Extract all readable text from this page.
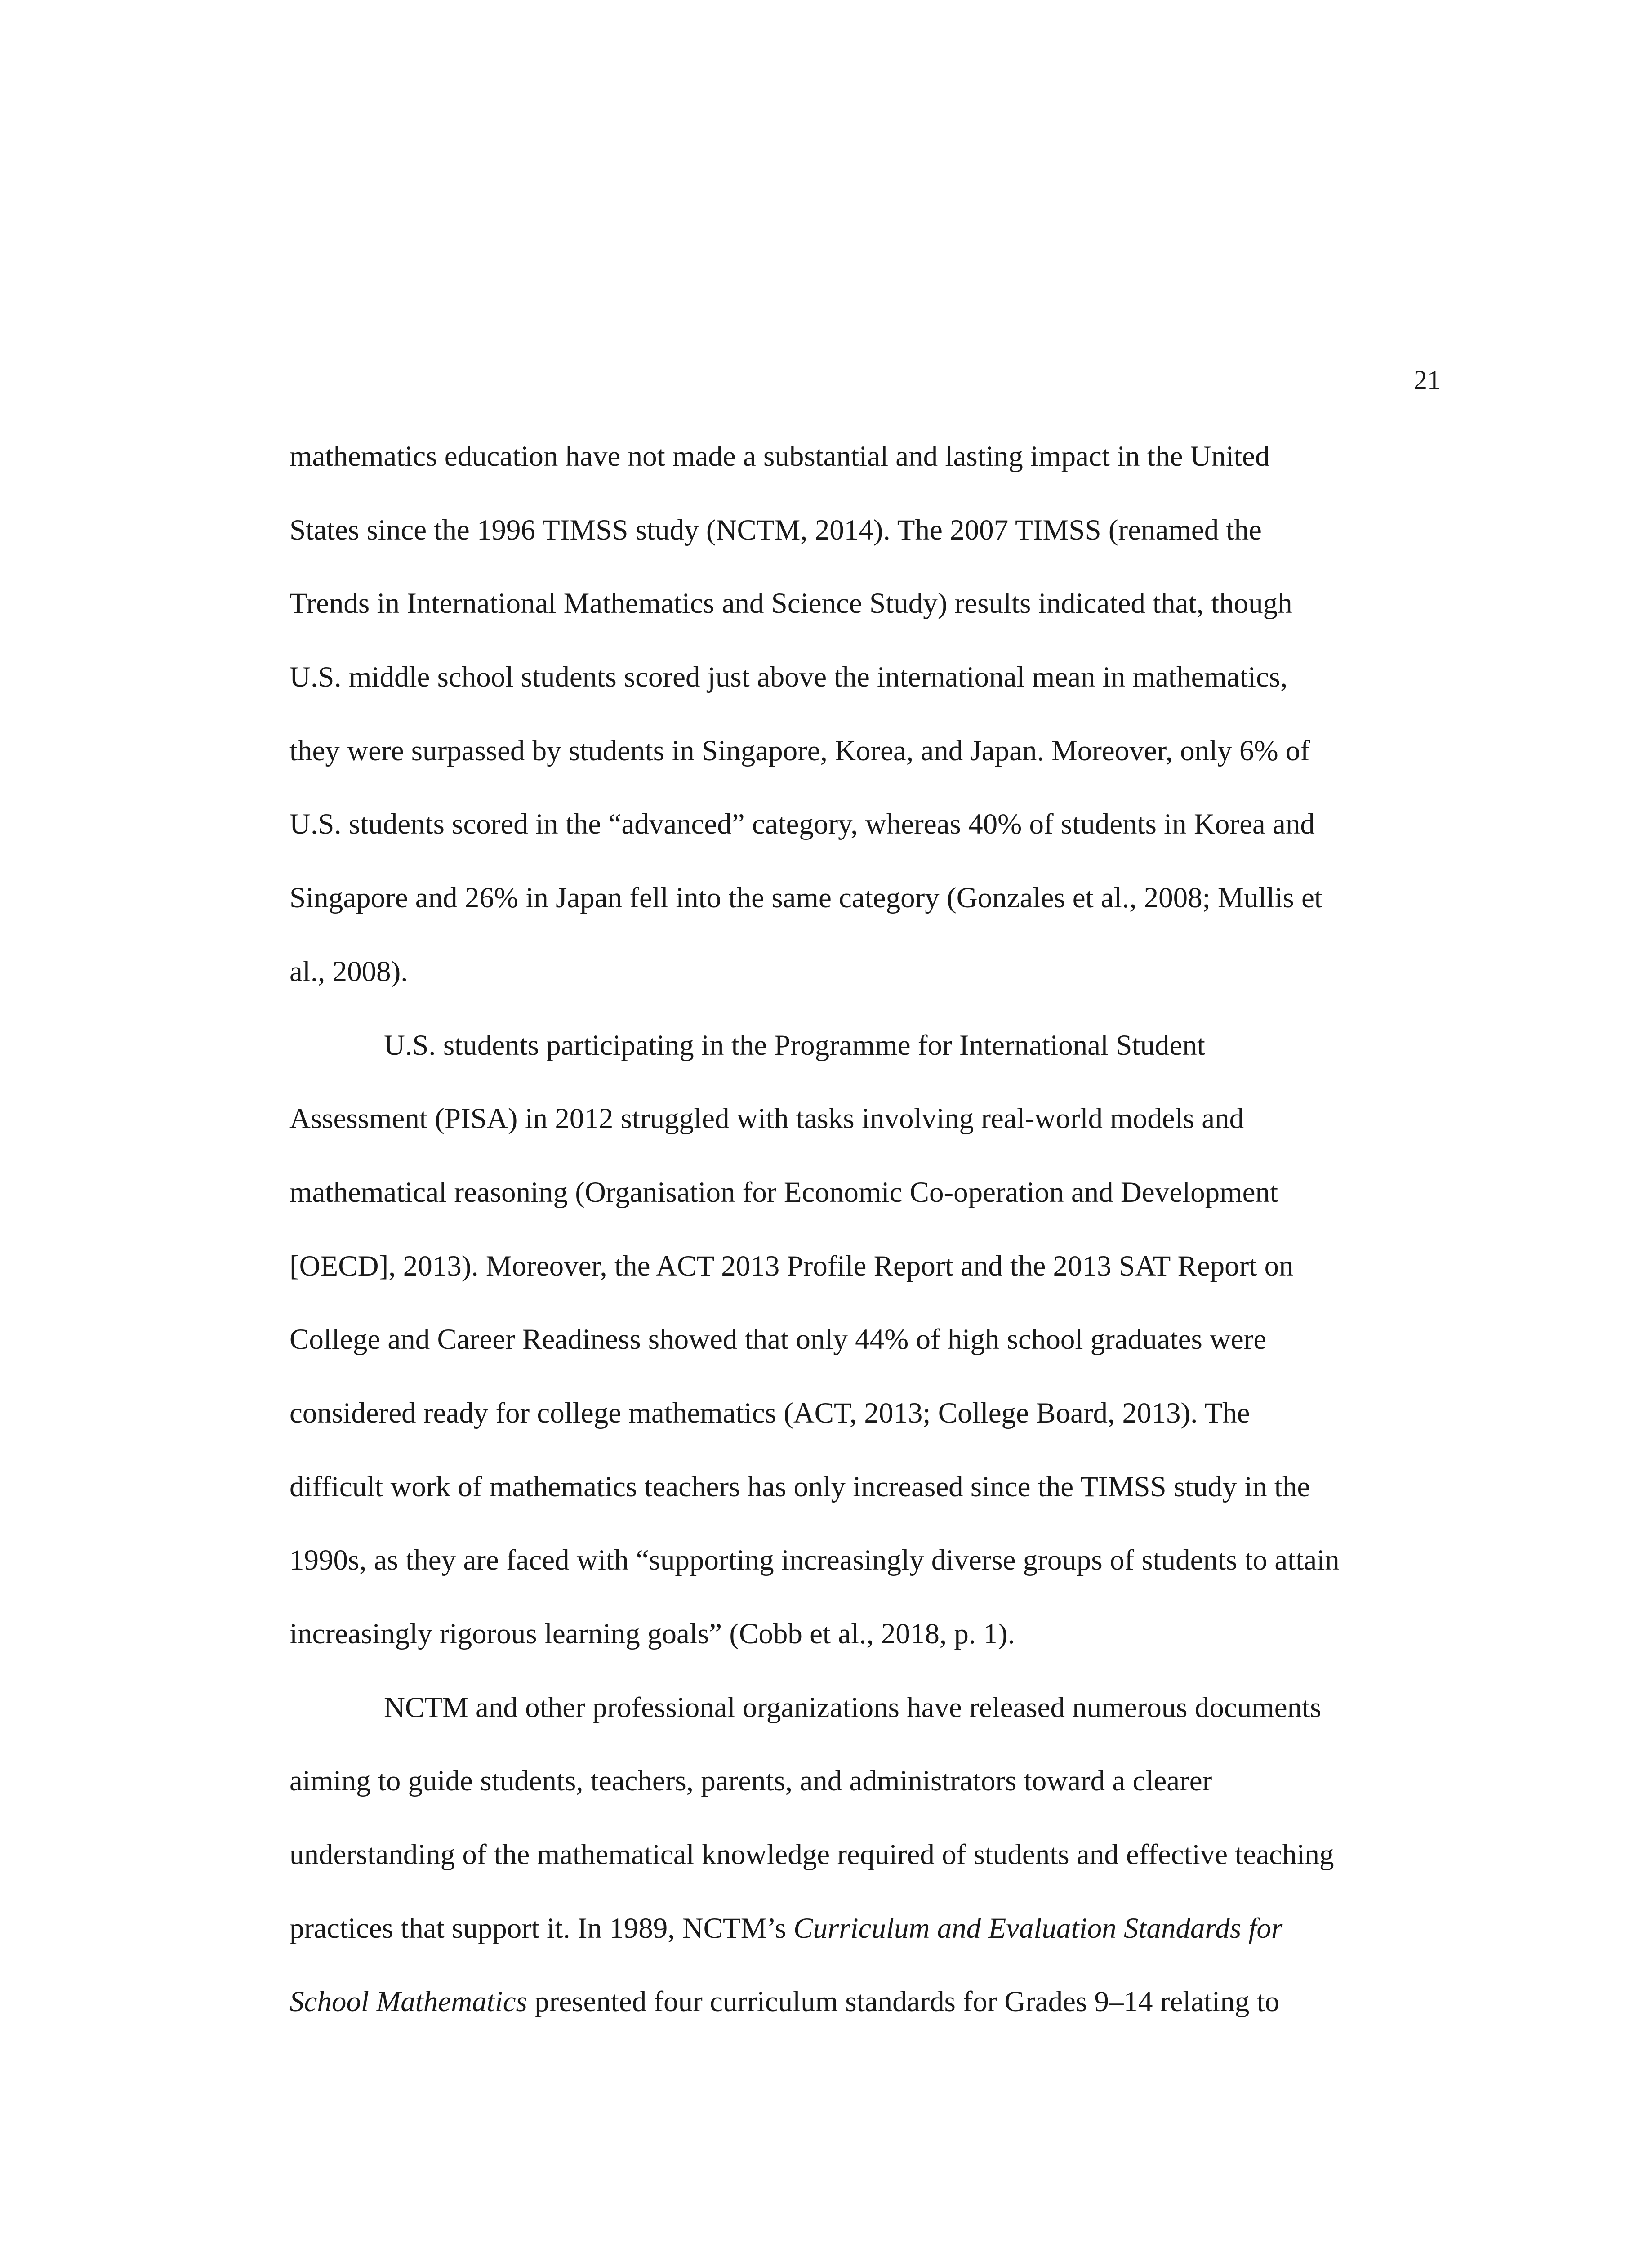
21
mathematics education have not made a substantial and lasting impact in the United
States since the 1996 TIMSS study (NCTM, 2014). The 2007 TIMSS (renamed the
Trends in International Mathematics and Science Study) results indicated that, though
U.S. middle school students scored just above the international mean in mathematics,
they were surpassed by students in Singapore, Korea, and Japan. Moreover, only 6% of
U.S. students scored in the “advanced” category, whereas 40% of students in Korea and
Singapore and 26% in Japan fell into the same category (Gonzales et al., 2008; Mullis et
al., 2008).
U.S. students participating in the Programme for International Student
Assessment (PISA) in 2012 struggled with tasks involving real-world models and
mathematical reasoning (Organisation for Economic Co-operation and Development
[OECD], 2013). Moreover, the ACT 2013 Profile Report and the 2013 SAT Report on
College and Career Readiness showed that only 44% of high school graduates were
considered ready for college mathematics (ACT, 2013; College Board, 2013). The
difficult work of mathematics teachers has only increased since the TIMSS study in the
1990s, as they are faced with “supporting increasingly diverse groups of students to attain
increasingly rigorous learning goals” (Cobb et al., 2018, p. 1).
NCTM and other professional organizations have released numerous documents
aiming to guide students, teachers, parents, and administrators toward a clearer
understanding of the mathematical knowledge required of students and effective teaching
practices that support it. In 1989, NCTM’s Curriculum and Evaluation Standards for
School Mathematics presented four curriculum standards for Grades 9–14 relating to
